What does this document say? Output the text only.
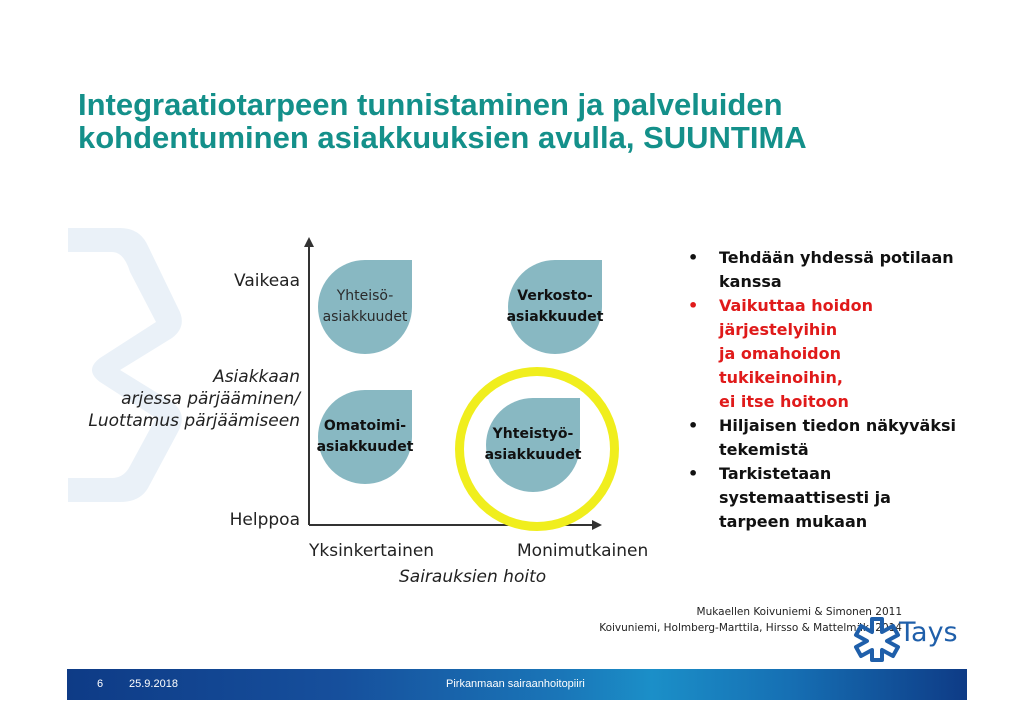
Integraatiotarpeen tunnistaminen ja palveluiden
kohdentuminen asiakkuuksien avulla, SUUNTIMA
Vaikeaa
Asiakkaan
arjessa pärjääminen/
Luottamus pärjäämiseen
Helppoa
Yksinkertainen	Monimutkainen
Sairauksien hoito
Yhteisö-
asiakkuudet
Verkosto-
asiakkuudet
Omatoimi-
asiakkuudet
Yhteistyö-
asiakkuudet
• Tehdään yhdessä potilaan
kanssa
• Vaikuttaa hoidon
järjestelyihin
ja omahoidon
tukikeinoihin,
ei itse hoitoon
• Hiljaisen tiedon näkyväksi
tekemistä
• Tarkistetaan
systemaattisesti ja
tarpeen mukaan
Mukaellen Koivuniemi & Simonen 2011
Koivuniemi, Holmberg-Marttila, Hirsso & Mattelmäki 2014
Tays
6 25.9.2018	Pirkanmaan sairaanhoitopiiri
